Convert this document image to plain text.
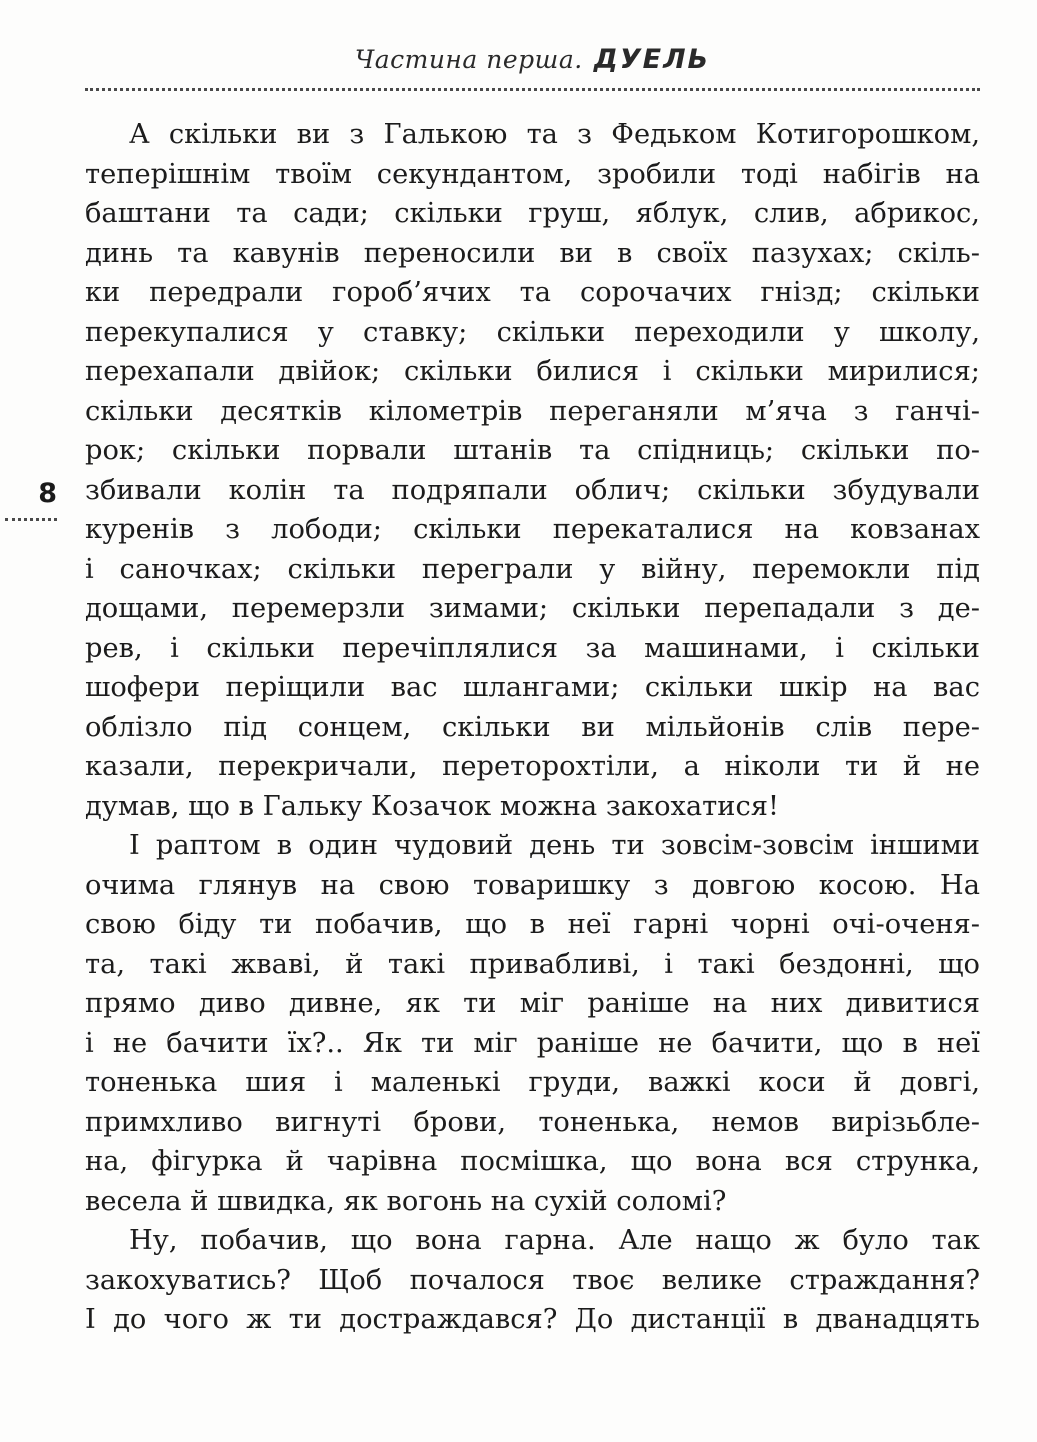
Частина перша. ДУЕЛЬ
8
А скільки ви з Галькою та з Федьком Котигорошком,
теперішнім твоїм секундантом, зробили тоді набігів на
баштани та сади; скільки груш, яблук, слив, абрикос,
динь та кавунів переносили ви в своїх пазухах; скіль-
ки передрали гороб’ячих та сорочачих гнізд; скільки
перекупалися у ставку; скільки переходили у школу,
перехапали двійок; скільки билися і скільки мирилися;
скільки десятків кілометрів переганяли м’яча з ганчі-
рок; скільки порвали штанів та спідниць; скільки по-
збивали колін та подряпали облич; скільки збудували
куренів з лободи; скільки перекаталися на ковзанах
і саночках; скільки переграли у війну, перемокли під
дощами, перемерзли зимами; скільки перепадали з де-
рев, і скільки перечіплялися за машинами, і скільки
шофери періщили вас шлангами; скільки шкір на вас
облізло під сонцем, скільки ви мільйонів слів пере-
казали, перекричали, переторохтіли, а ніколи ти й не
думав, що в Гальку Козачок можна закохатися!
І раптом в один чудовий день ти зовсім-зовсім іншими
очима глянув на свою товаришку з довгою косою. На
свою біду ти побачив, що в неї гарні чорні очі-оченя-
та, такі жваві, й такі привабливі, і такі бездонні, що
прямо диво дивне, як ти міг раніше на них дивитися
і не бачити їх?.. Як ти міг раніше не бачити, що в неї
тоненька шия і маленькі груди, важкі коси й довгі,
примхливо вигнуті брови, тоненька, немов вирізьбле-
на, фігурка й чарівна посмішка, що вона вся струнка,
весела й швидка, як вогонь на сухій соломі?
Ну, побачив, що вона гарна. Але нащо ж було так
закохуватись? Щоб почалося твоє велике страждання?
І до чого ж ти достраждався? До дистанції в дванадцять
